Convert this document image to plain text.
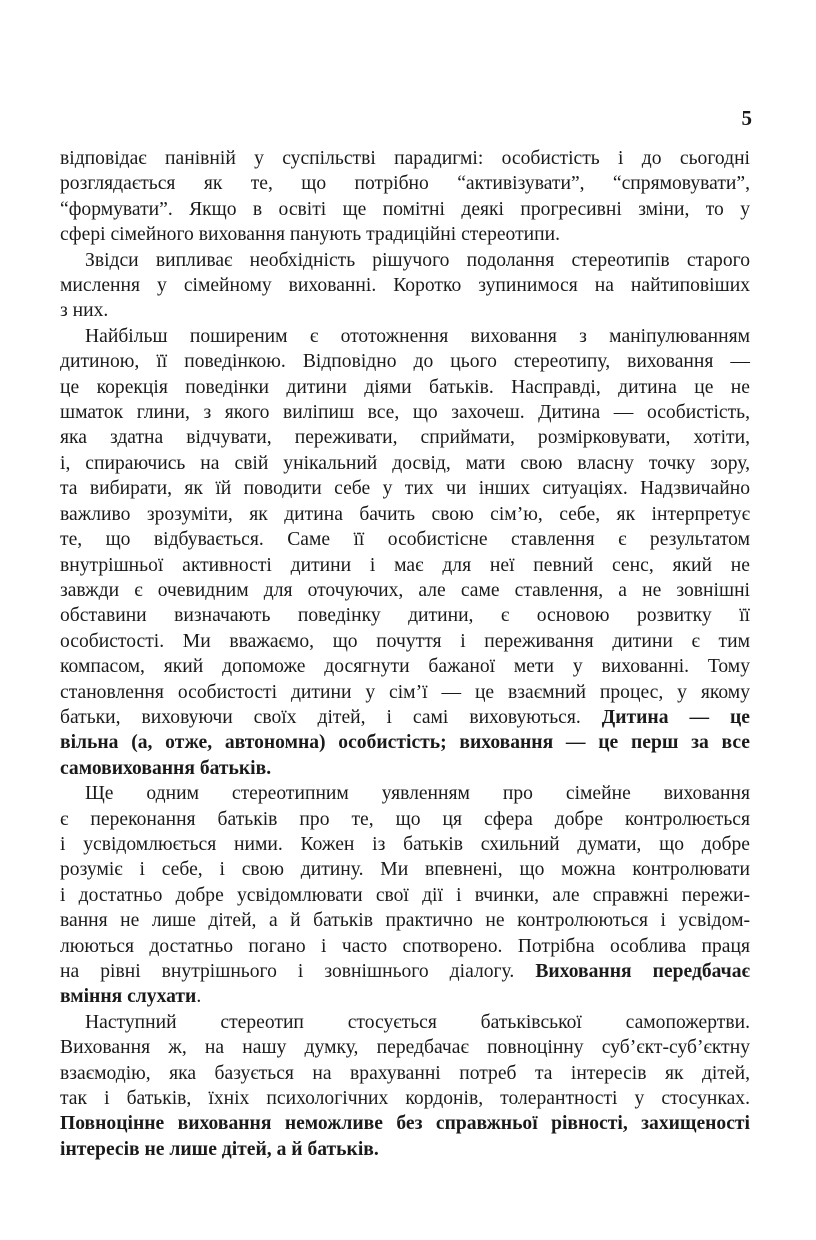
5
відповідає панівній у суспільстві парадигмі: особистість і до сьогодні
розглядається як те, що потрібно “активізувати”, “спрямовувати”,
“формувати”. Якщо в освіті ще помітні деякі прогресивні зміни, то у
сфері сімейного виховання панують традиційні стереотипи.
Звідси випливає необхідність рішучого подолання стереотипів старого
мислення у сімейному вихованні. Коротко зупинимося на найтиповіших
з них.
Найбільш поширеним є ототожнення виховання з маніпулюванням
дитиною, її поведінкою. Відповідно до цього стереотипу, виховання —
це корекція поведінки дитини діями батьків. Насправді, дитина це не
шматок глини, з якого виліпиш все, що захочеш. Дитина — особистість,
яка здатна відчувати, переживати, сприймати, розмірковувати, хотіти,
і, спираючись на свій унікальний досвід, мати свою власну точку зору,
та вибирати, як їй поводити себе у тих чи інших ситуаціях. Надзвичайно
важливо зрозуміти, як дитина бачить свою сім’ю, себе, як інтерпретує
те, що відбувається. Саме її особистісне ставлення є результатом
внутрішньої активності дитини і має для неї певний сенс, який не
завжди є очевидним для оточуючих, але саме ставлення, а не зовнішні
обставини визначають поведінку дитини, є основою розвитку її
особистості. Ми вважаємо, що почуття і переживання дитини є тим
компасом, який допоможе досягнути бажаної мети у вихованні. Тому
становлення особистості дитини у сім’ї — це взаємний процес, у якому
батьки, виховуючи своїх дітей, і самі виховуються. Дитина — це
вільна (а, отже, автономна) особистість; виховання — це перш за все
самовиховання батьків.
Ще одним стереотипним уявленням про сімейне виховання
є переконання батьків про те, що ця сфера добре контролюється
і усвідомлюється ними. Кожен із батьків схильний думати, що добре
розуміє і себе, і свою дитину. Ми впевнені, що можна контролювати
і достатньо добре усвідомлювати свої дії і вчинки, але справжні пережи-
вання не лише дітей, а й батьків практично не контролюються і усвідом-
люються достатньо погано і часто спотворено. Потрібна особлива праця
на рівні внутрішнього і зовнішнього діалогу. Виховання передбачає
вміння слухати.
Наступний стереотип стосується батьківської самопожертви.
Виховання ж, на нашу думку, передбачає повноцінну суб’єкт-суб’єктну
взаємодію, яка базується на врахуванні потреб та інтересів як дітей,
так і батьків, їхніх психологічних кордонів, толерантності у стосунках.
Повноцінне виховання неможливе без справжньої рівності, захищеності
інтересів не лише дітей, а й батьків.
